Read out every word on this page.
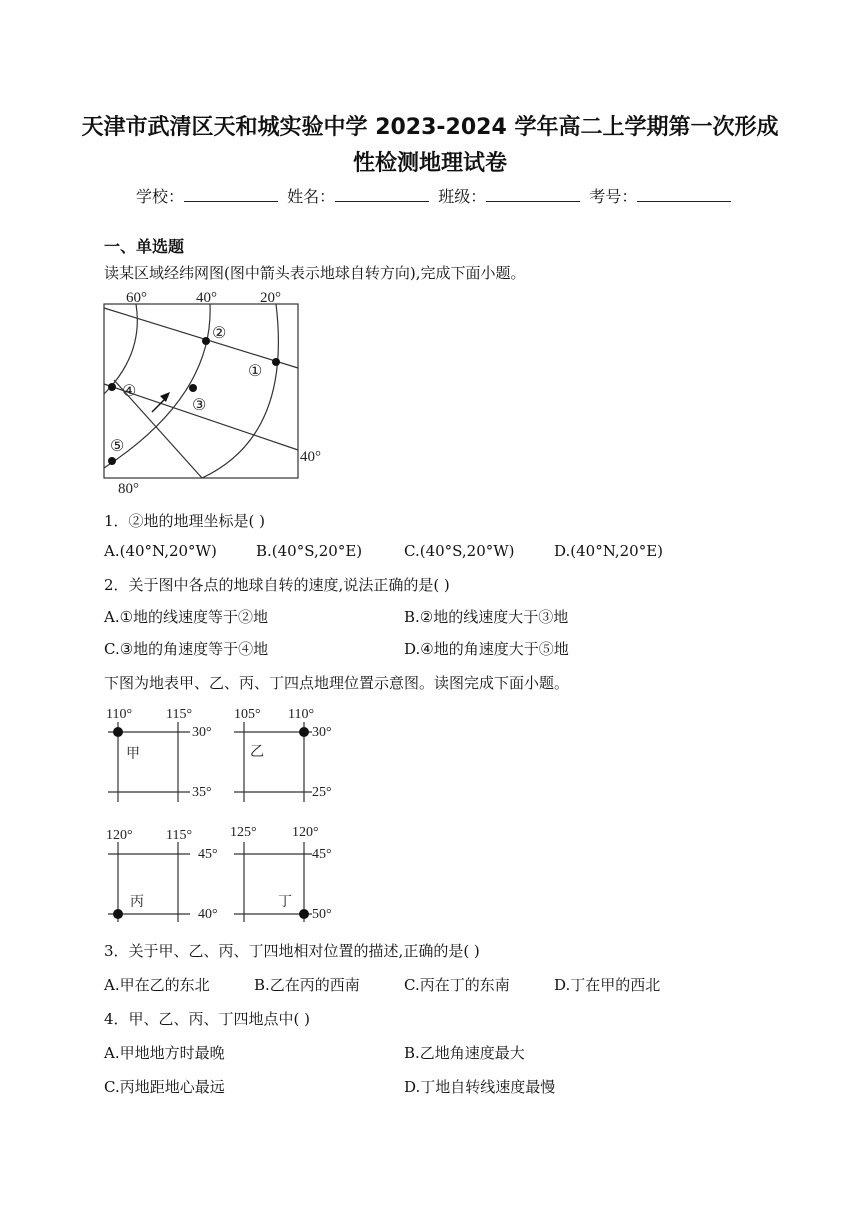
天津市武清区天和城实验中学 2023-2024 学年高二上学期第一次形成
性检测地理试卷
学校：	姓名：	班级：	考号：
一、单选题
读某区域经纬网图(图中箭头表示地球自转方向),完成下面小题。
60°	40°	20°
40°
80°
②
①
④
③
⑤
1．②地的地理坐标是( )
A.(40°N,20°W)	B.(40°S,20°E)	C.(40°S,20°W)	D.(40°N,20°E)
2．关于图中各点的地球自转的速度,说法正确的是( )
A.①地的线速度等于②地	B.②地的线速度大于③地
C.③地的角速度等于④地	D.④地的角速度大于⑤地
下图为地表甲、乙、丙、丁四点地理位置示意图。读图完成下面小题。
110° 115°
30°
35°
甲
105° 110°
30°
25°
乙
120° 115°
45°
40°
丙
125°	120°
45°
50°
丁
3．关于甲、乙、丙、丁四地相对位置的描述,正确的是( )
A.甲在乙的东北	B.乙在丙的西南	C.丙在丁的东南	D.丁在甲的西北
4．甲、乙、丙、丁四地点中( )
A.甲地地方时最晚	B.乙地角速度最大
C.丙地距地心最远	D.丁地自转线速度最慢
